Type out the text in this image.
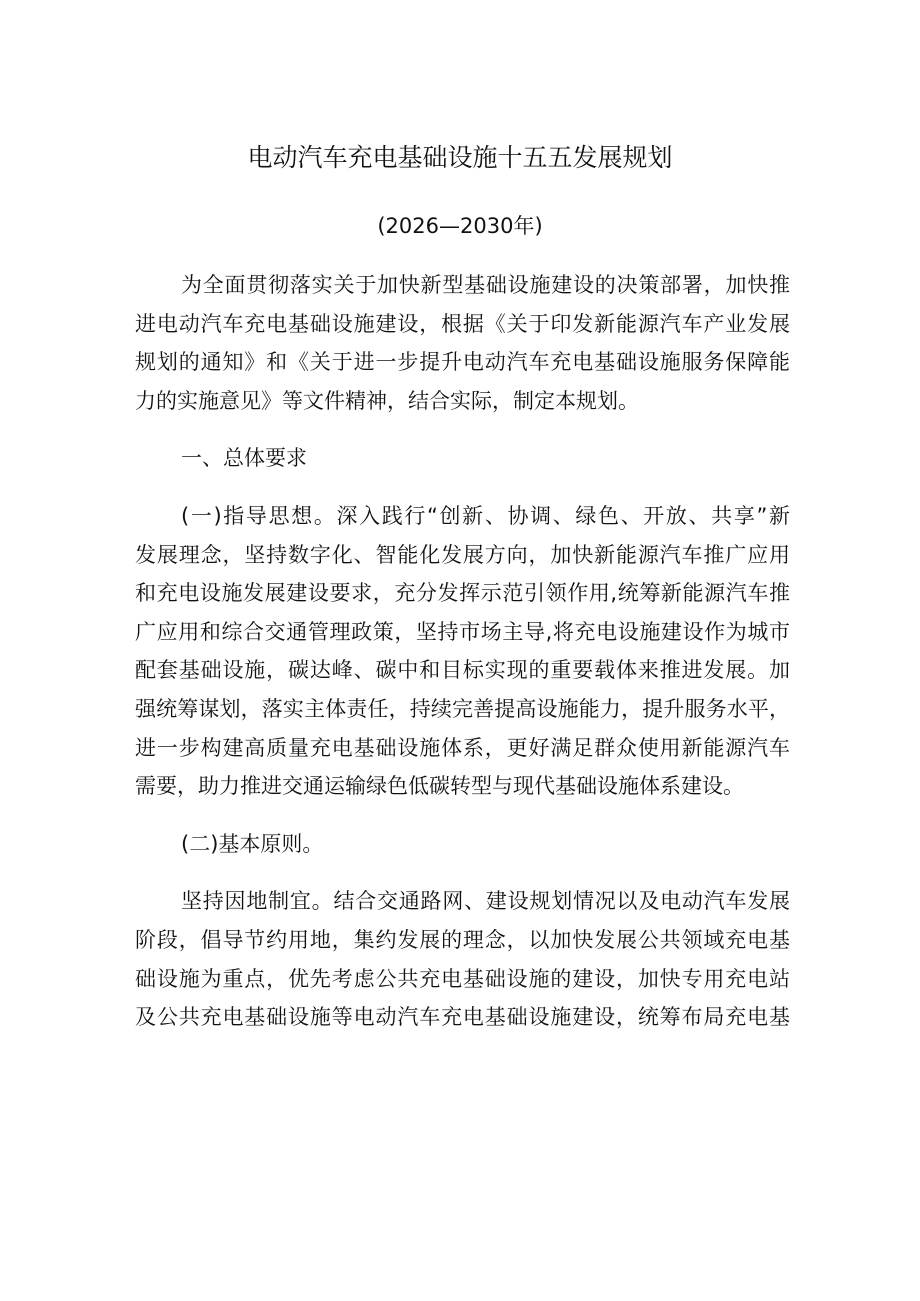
电动汽车充电基础设施十五五发展规划
(2026—2030年)
为全面贯彻落实关于加快新型基础设施建设的决策部署，加快推
进电动汽车充电基础设施建设，根据《关于印发新能源汽车产业发展
规划的通知》和《关于进一步提升电动汽车充电基础设施服务保障能
力的实施意见》等文件精神，结合实际，制定本规划。
一、总体要求
(一)指导思想。深入践行“创新、协调、绿色、开放、共享”新
发展理念，坚持数字化、智能化发展方向，加快新能源汽车推广应用
和充电设施发展建设要求，充分发挥示范引领作用,统筹新能源汽车推
广应用和综合交通管理政策，坚持市场主导,将充电设施建设作为城市
配套基础设施，碳达峰、碳中和目标实现的重要载体来推进发展。加
强统筹谋划，落实主体责任，持续完善提高设施能力，提升服务水平，
进一步构建高质量充电基础设施体系，更好满足群众使用新能源汽车
需要，助力推进交通运输绿色低碳转型与现代基础设施体系建设。
(二)基本原则。
坚持因地制宜。结合交通路网、建设规划情况以及电动汽车发展
阶段，倡导节约用地，集约发展的理念，以加快发展公共领域充电基
础设施为重点，优先考虑公共充电基础设施的建设，加快专用充电站
及公共充电基础设施等电动汽车充电基础设施建设，统筹布局充电基
